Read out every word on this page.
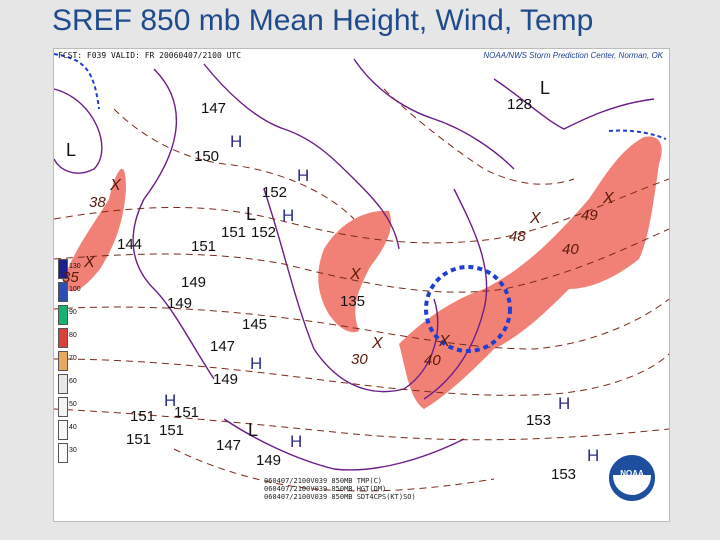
SREF 850 mb Mean Height, Wind, Temp
FCST: F039 VALID: FR 20060407/2100 UTC	NOAA/NWS Storm Prediction Center, Norman, OK
130
100
90
80
70
60
50
40
30
L
L
L
L
H
H
H
H
H
H
H
H
147	128
150
152
152
151
144	151
149
149
145
147
135
149
151 151
151
151
147
149
153
153
38
35
49
48
40
30	40
X
X
X
X
X
X	X
060407/2100V039 850MB TMP(C)
060407/2100V039 850MB HGT(DM)
060407/2100V039 850MB SDT4CPS(KT)SO)
NOAA
